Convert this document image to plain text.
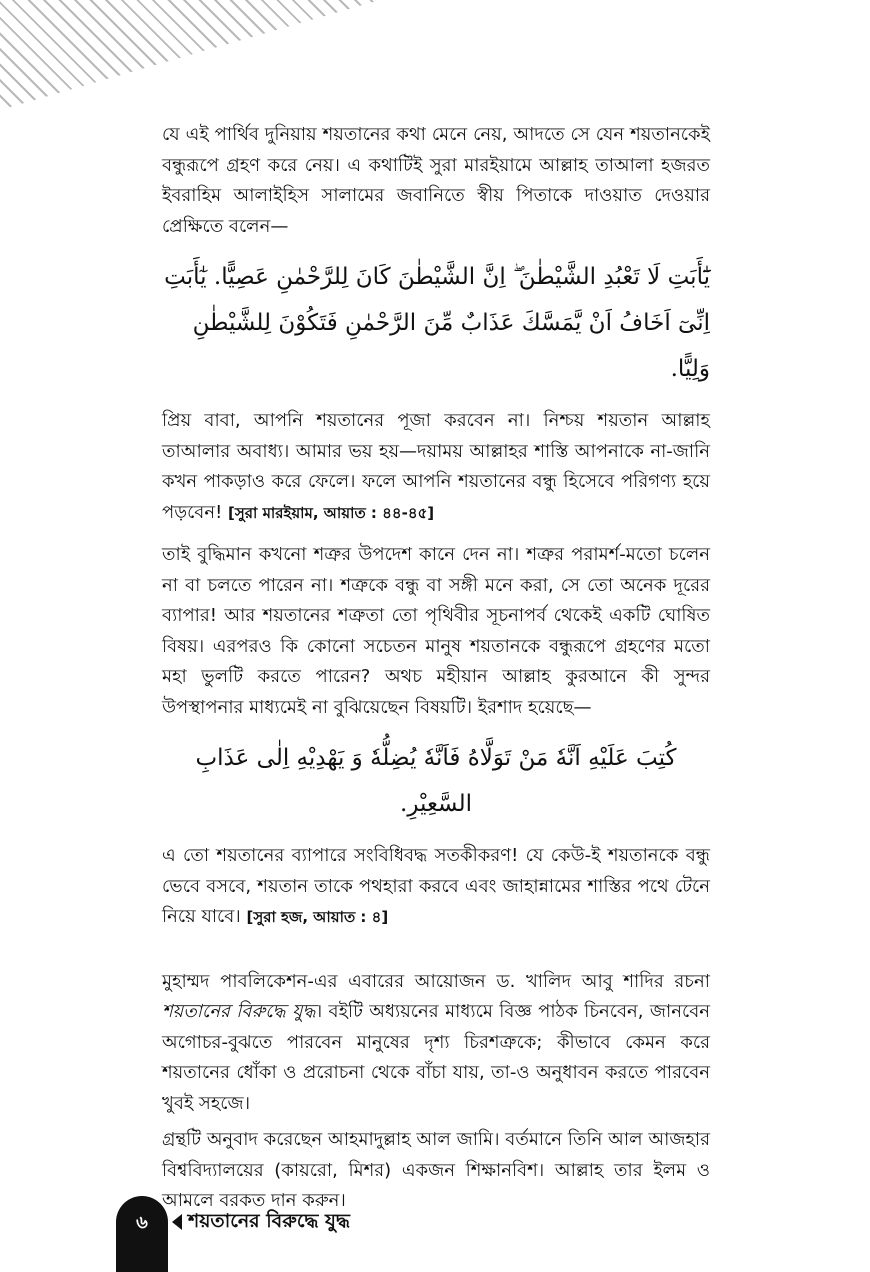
যে এই পার্থিব দুনিয়ায় শয়তানের কথা মেনে নেয়, আদতে সে যেন শয়তানকেই বন্ধুরূপে গ্রহণ করে নেয়। এ কথাটিই সুরা মারইয়ামে আল্লাহ তাআলা হজরত ইবরাহিম আলাইহিস সালামের জবানিতে স্বীয় পিতাকে দাওয়াত দেওয়ার প্রেক্ষিতে বলেন—

يَٰٓأَبَتِ لَا تَعْبُدِ الشَّيْطٰنَ ۖ اِنَّ الشَّيْطٰنَ كَانَ لِلرَّحْمٰنِ عَصِيًّا. يٰٓأَبَتِ اِنِّىٓ اَخَافُ اَنْ يَّمَسَّكَ عَذَابٌ مِّنَ الرَّحْمٰنِ فَتَكُوْنَ لِلشَّيْطٰنِ وَلِيًّا.

প্রিয় বাবা, আপনি শয়তানের পূজা করবেন না। নিশ্চয় শয়তান আল্লাহ তাআলার অবাধ্য। আমার ভয় হয়—দয়াময় আল্লাহর শাস্তি আপনাকে না-জানি কখন পাকড়াও করে ফেলে। ফলে আপনি শয়তানের বন্ধু হিসেবে পরিগণ্য হয়ে পড়বেন! [সুরা মারইয়াম, আয়াত : ৪৪-৪৫]

তাই বুদ্ধিমান কখনো শত্রুর উপদেশ কানে দেন না। শত্রুর পরামর্শ-মতো চলেন না বা চলতে পারেন না। শত্রুকে বন্ধু বা সঙ্গী মনে করা, সে তো অনেক দূরের ব্যাপার! আর শয়তানের শত্রুতা তো পৃথিবীর সূচনাপর্ব থেকেই একটি ঘোষিত বিষয়। এরপরও কি কোনো সচেতন মানুষ শয়তানকে বন্ধুরূপে গ্রহণের মতো মহা ভুলটি করতে পারেন? অথচ মহীয়ান আল্লাহ কুরআনে কী সুন্দর উপস্থাপনার মাধ্যমেই না বুঝিয়েছেন বিষয়টি। ইরশাদ হয়েছে—

كُتِبَ عَلَيْهِ اَنَّهٗ مَنْ تَوَلَّاهُ فَاَنَّهٗ يُضِلُّهٗ وَ يَهْدِيْهِ اِلٰى عَذَابِ السَّعِيْرِ.

এ তো শয়তানের ব্যাপারে সংবিধিবদ্ধ সতকীকরণ! যে কেউ-ই শয়তানকে বন্ধু ভেবে বসবে, শয়তান তাকে পথহারা করবে এবং জাহান্নামের শাস্তির পথে টেনে নিয়ে যাবে। [সুরা হজ, আয়াত : ৪]

মুহাম্মদ পাবলিকেশন-এর এবারের আয়োজন ড. খালিদ আবু শাদির রচনা শয়তানের বিরুদ্ধে যুদ্ধ। বইটি অধ্যয়নের মাধ্যমে বিজ্ঞ পাঠক চিনবেন, জানবেন অগোচর-বুঝতে পারবেন মানুষের দৃশ্য চিরশত্রুকে; কীভাবে কেমন করে শয়তানের ধোঁকা ও প্ররোচনা থেকে বাঁচা যায়, তা-ও অনুধাবন করতে পারবেন খুবই সহজে।

গ্রন্থটি অনুবাদ করেছেন আহমাদুল্লাহ আল জামি। বর্তমানে তিনি আল আজহার বিশ্ববিদ্যালয়ের (কায়রো, মিশর) একজন শিক্ষানবিশ। আল্লাহ তার ইলম ও আমলে বরকত দান করুন।

৬	শয়তানের বিরুদ্ধে যুদ্ধ
